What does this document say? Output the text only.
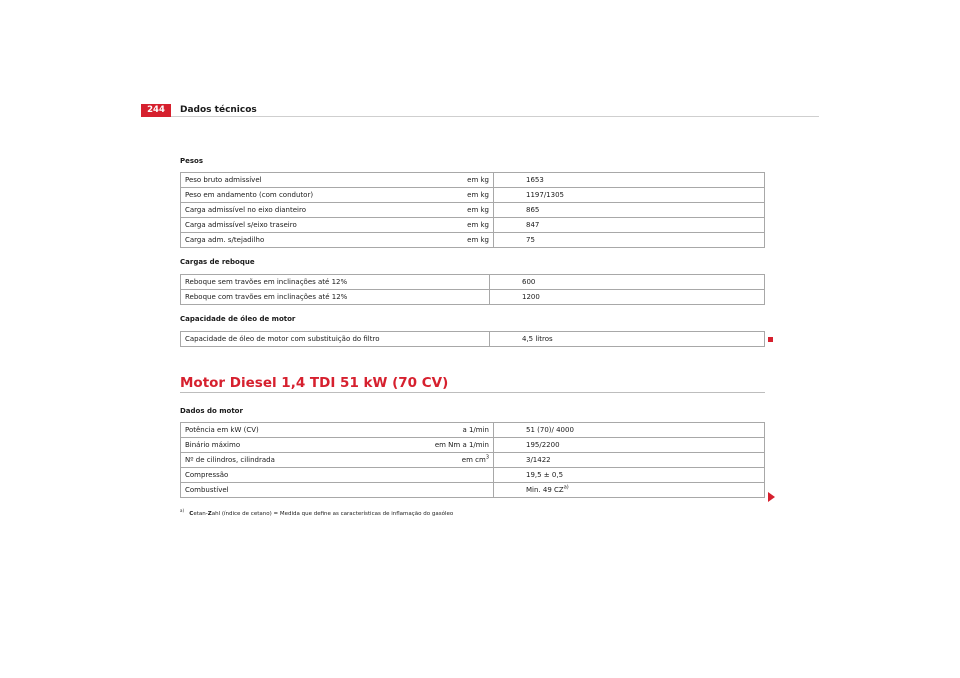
244	Dados técnicos
Pesos
Peso bruto admissível	em kg	1653
Peso em andamento (com condutor)	em kg	1197/1305
Carga admissível no eixo dianteiro	em kg	865
Carga admissível s/eixo traseiro	em kg	847
Carga adm. s/tejadilho	em kg	75
Cargas de reboque
Reboque sem travões em inclinações até 12%	600
Reboque com travões em inclinações até 12%	1200
Capacidade de óleo de motor
Capacidade de óleo de motor com substituição do filtro	4,5 litros
Motor Diesel 1,4 TDI 51 kW (70 CV)
Dados do motor
Potência em kW (CV)	a 1/min	51 (70)/ 4000
Binário máximo	em Nm a 1/min	195/2200
Nº de cilindros, cilindrada	em $cm^3$	3/1422
Compressão		19,5 ± 0,5
Combustível		Min. 49 CZ$^{a)}$
$^{a)}$   Cetan-Zahl (índice de cetano) = Medida que define as características de inflamação do gasóleo
